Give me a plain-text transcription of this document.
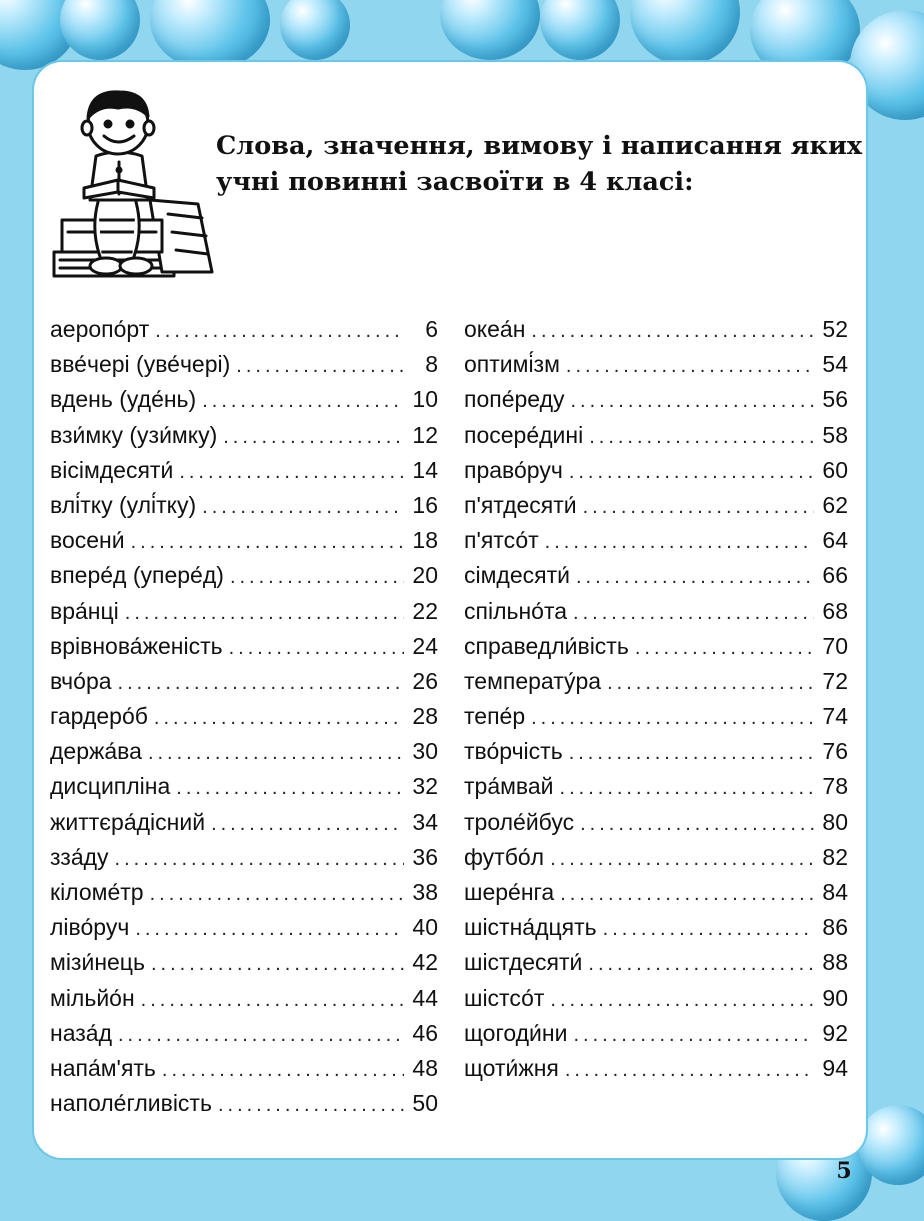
Слова, значення, вимову і написання яких
учні повинні засвоїти в 4 класі:
аеропо́рт .....	6
вве́чері (уве́чері) .....	8
вдень (уде́нь) .....	10
взи́мку (узи́мку) .....	12
вісімдесяти́ .....	14
влі́тку (улі́тку) .....	16
восени́ .....	18
впере́д (упере́д) .....	20
вра́нці .....	22
врівнова́женість .....	24
вчо́ра .....	26
гардеро́б .....	28
держа́ва .....	30
дисципліна .....	32
життєра́дісний .....	34
зза́ду .....	36
кіломе́тр .....	38
ліво́руч .....	40
мізи́нець .....	42
мільйо́н .....	44
наза́д .....	46
напа́м'ять .....	48
наполе́гливість .....	50
океа́н .....	52
оптимі́зм .....	54
попе́реду .....	56
посере́дині .....	58
право́руч .....	60
п'ятдесяти́ .....	62
п'ятсо́т .....	64
сімдесяти́ .....	66
спільно́та .....	68
справедли́вість .....	70
температу́ра .....	72
тепе́р .....	74
тво́рчість .....	76
тра́мвай .....	78
троле́йбус .....	80
футбо́л .....	82
шере́нга .....	84
шістна́дцять .....	86
шістдесяти́ .....	88
шістсо́т .....	90
щогоди́ни .....	92
щоти́жня .....	94
5
